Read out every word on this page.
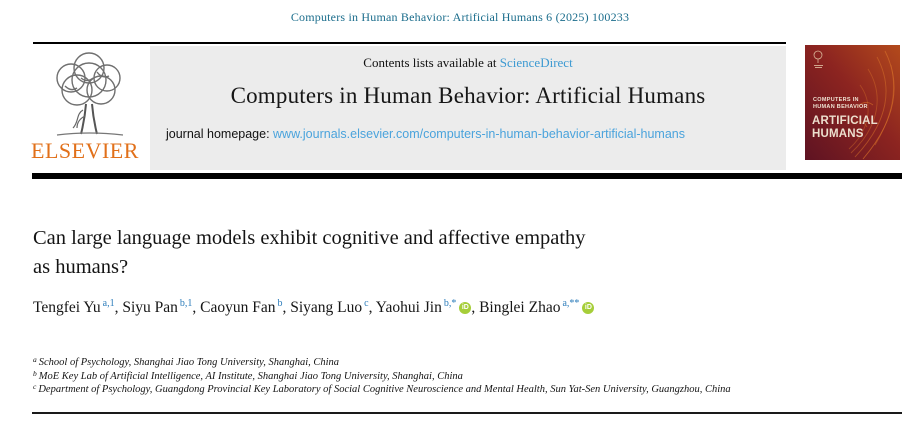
Computers in Human Behavior: Artificial Humans 6 (2025) 100233
ELSEVIER
Contents lists available at ScienceDirect
Computers in Human Behavior: Artificial Humans
journal homepage: www.journals.elsevier.com/computers-in-human-behavior-artificial-humans
COMPUTERS IN
HUMAN BEHAVIOR
ARTIFICIAL
HUMANS
Can large language models exhibit cognitive and affective empathy
as humans?
Tengfei Yu $^{a,1}$, Siyu Pan $^{b,1}$, Caoyun Fan $^b$, Siyang Luo $^c$, Yaohui Jin $^{b,*}$ iD , Binglei Zhao $^{a,**}$ iD
$^a$ School of Psychology, Shanghai Jiao Tong University, Shanghai, China
$^b$ MoE Key Lab of Artificial Intelligence, AI Institute, Shanghai Jiao Tong University, Shanghai, China
$^c$ Department of Psychology, Guangdong Provincial Key Laboratory of Social Cognitive Neuroscience and Mental Health, Sun Yat-Sen University, Guangzhou, China
